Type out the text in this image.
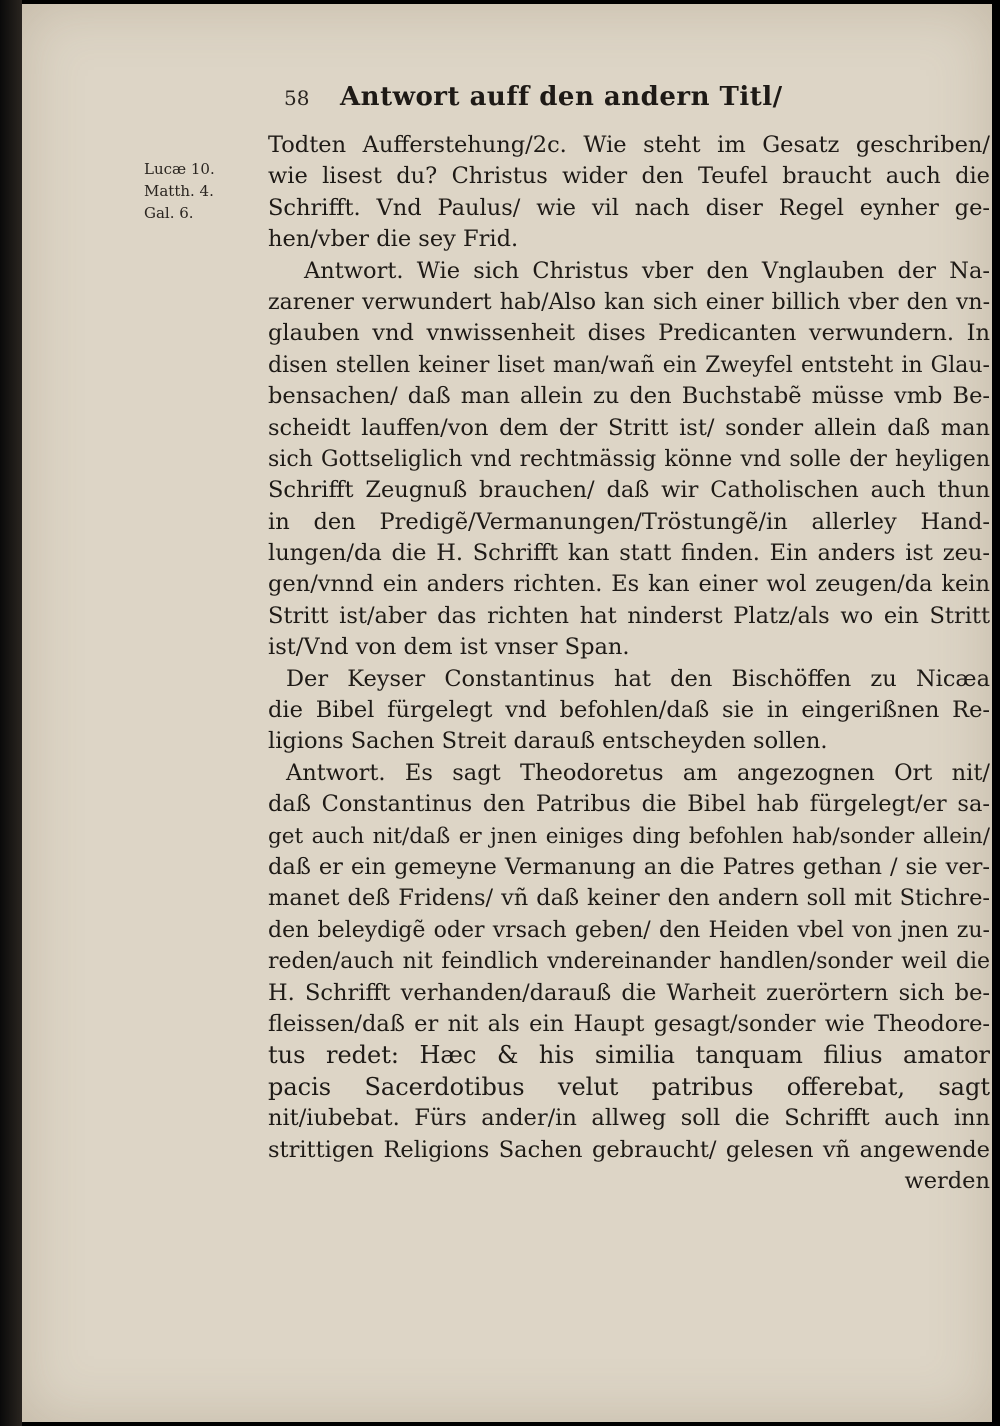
58 Antwort auff den andern Titl/
Lucæ 10.
Matth. 4.
Gal. 6.
Todten Aufferstehung/2c. Wie steht im Gesatz geschriben/
wie lisest du? Christus wider den Teufel braucht auch die
Schrifft. Vnd Paulus/ wie vil nach diser Regel eynher ge-
hen/vber die sey Frid.
Antwort. Wie sich Christus vber den Vnglauben der Na-
zarener verwundert hab/Also kan sich einer billich vber den vn-
glauben vnd vnwissenheit dises Predicanten verwundern. In
disen stellen keiner liset man/wañ ein Zweyfel entsteht in Glau-
bensachen/ daß man allein zu den Buchstabẽ müsse vmb Be-
scheidt lauffen/von dem der Stritt ist/ sonder allein daß man
sich Gottseliglich vnd rechtmässig könne vnd solle der heyligen
Schrifft Zeugnuß brauchen/ daß wir Catholischen auch thun
in den Predigẽ/Vermanungen/Tröstungẽ/in allerley Hand-
lungen/da die H. Schrifft kan statt finden. Ein anders ist zeu-
gen/vnnd ein anders richten. Es kan einer wol zeugen/da kein
Stritt ist/aber das richten hat ninderst Platz/als wo ein Stritt
ist/Vnd von dem ist vnser Span.
Der Keyser Constantinus hat den Bischöffen zu Nicæa
die Bibel fürgelegt vnd befohlen/daß sie in eingerißnen Re-
ligions Sachen Streit darauß entscheyden sollen.
Antwort. Es sagt Theodoretus am angezognen Ort nit/
daß Constantinus den Patribus die Bibel hab fürgelegt/er sa-
get auch nit/daß er jnen einiges ding befohlen hab/sonder allein/
daß er ein gemeyne Vermanung an die Patres gethan / sie ver-
manet deß Fridens/ vñ daß keiner den andern soll mit Stichre-
den beleydigẽ oder vrsach geben/ den Heiden vbel von jnen zu-
reden/auch nit feindlich vndereinander handlen/sonder weil die
H. Schrifft verhanden/darauß die Warheit zuerörtern sich be-
fleissen/daß er nit als ein Haupt gesagt/sonder wie Theodore-
tus redet: Hæc & his similia tanquam filius amator
pacis Sacerdotibus velut patribus offerebat, sagt
nit/iubebat. Fürs ander/in allweg soll die Schrifft auch inn
strittigen Religions Sachen gebraucht/ gelesen vñ angewende
werden
